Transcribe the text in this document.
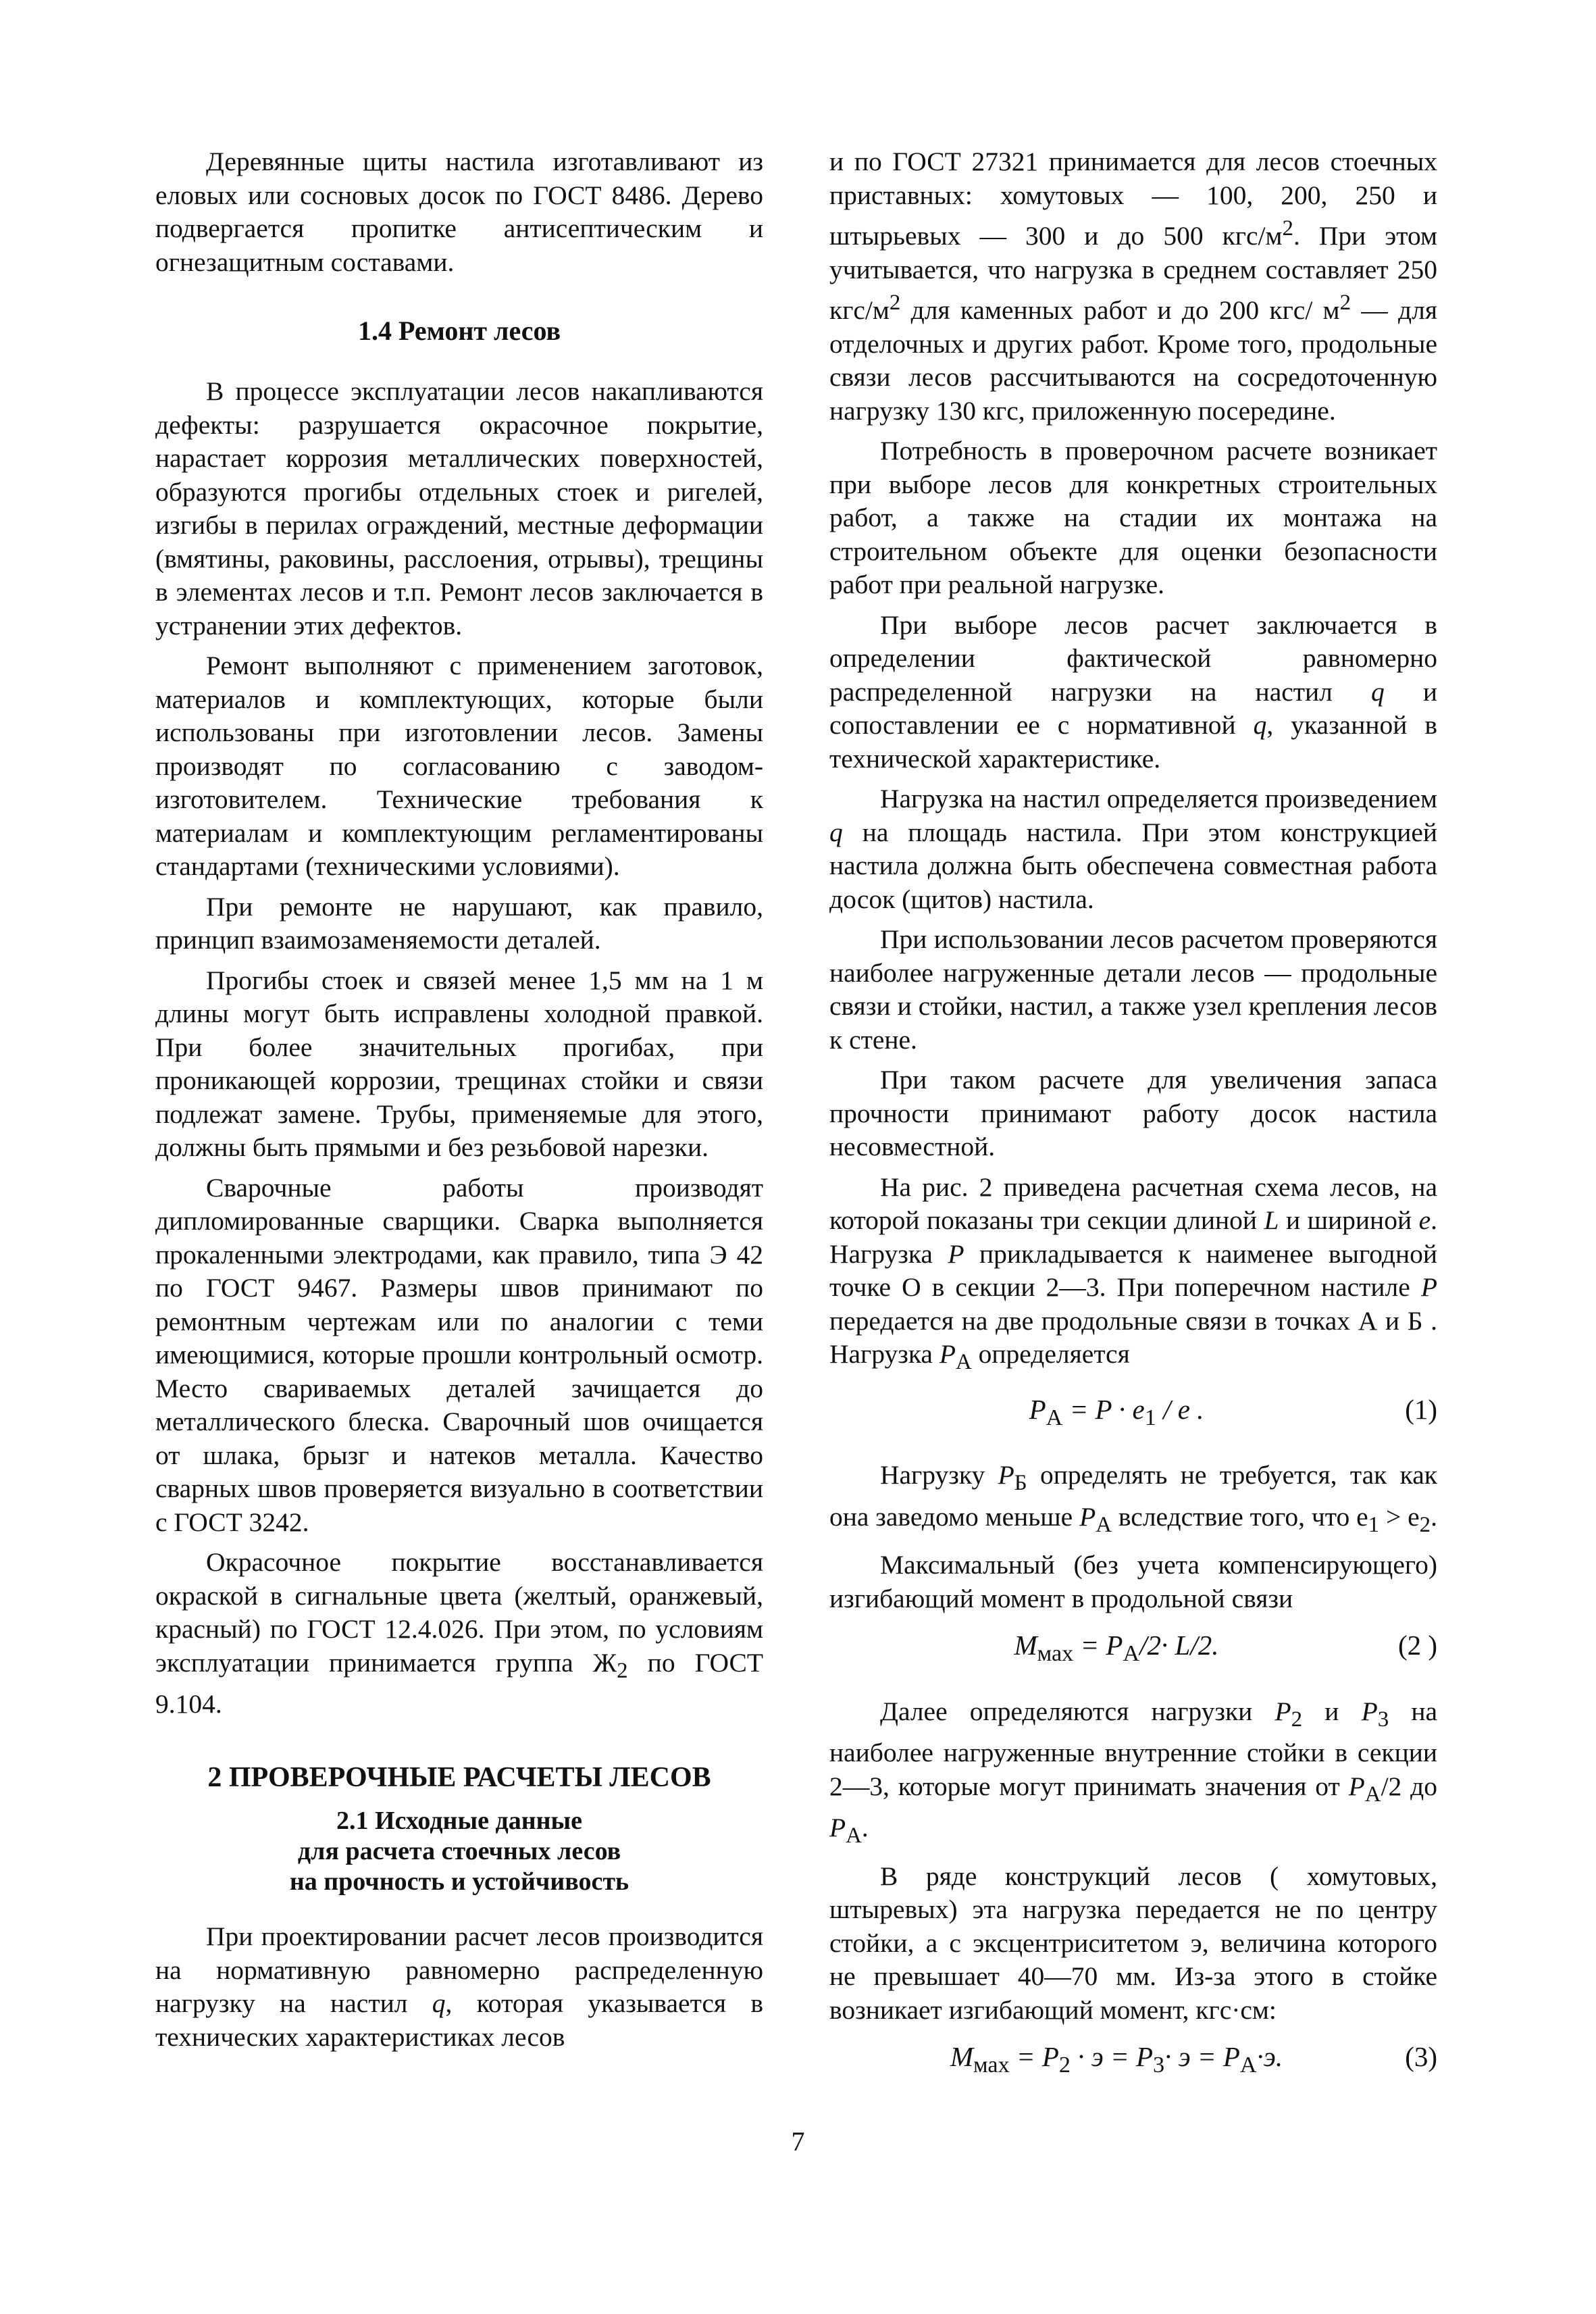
Деревянные щиты настила изготавливают из еловых или сосновых досок по ГОСТ 8486. Дерево подвергается пропитке антисептическим и огнезащитным составами.

1.4 Ремонт лесов

В процессе эксплуатации лесов накапливаются дефекты: разрушается окрасочное покрытие, нарастает коррозия металлических поверхностей, образуются прогибы отдельных стоек и ригелей, изгибы в перилах ограждений, местные деформации (вмятины, раковины, расслоения, отрывы), трещины в элементах лесов и т.п. Ремонт лесов заключается в устранении этих дефектов.

Ремонт выполняют с применением заготовок, материалов и комплектующих, которые были использованы при изготовлении лесов. Замены производят по согласованию с заводом-изготовителем. Технические требования к материалам и комплектующим регламентированы стандартами (техническими условиями).

При ремонте не нарушают, как правило, принцип взаимозаменяемости деталей.

Прогибы стоек и связей менее 1,5 мм на 1 м длины могут быть исправлены холодной правкой. При более значительных прогибах, при проникающей коррозии, трещинах стойки и связи подлежат замене. Трубы, применяемые для этого, должны быть прямыми и без резьбовой нарезки.

Сварочные работы производят дипломированные сварщики. Сварка выполняется прокаленными электродами, как правило, типа Э 42 по ГОСТ 9467. Размеры швов принимают по ремонтным чертежам или по аналогии с теми имеющимися, которые прошли контрольный осмотр. Место свариваемых деталей зачищается до металлического блеска. Сварочный шов очищается от шлака, брызг и натеков металла. Качество сварных швов проверяется визуально в соответствии с ГОСТ 3242.

Окрасочное покрытие восстанавливается окраской в сигнальные цвета (желтый, оранжевый, красный) по ГОСТ 12.4.026. При этом, по условиям эксплуатации принимается группа $Ж_2$ по ГОСТ 9.104.

2 ПРОВЕРОЧНЫЕ РАСЧЕТЫ ЛЕСОВ
2.1 Исходные данные
для расчета стоечных лесов
на прочность и устойчивость

При проектировании расчет лесов производится на нормативную равномерно распределенную нагрузку на настил q, которая указывается в технических характеристиках лесов

и по ГОСТ 27321 принимается для лесов стоечных приставных: хомутовых — 100, 200, 250 и штырьевых — 300 и до 500 кгс/$м^2$. При этом учитывается, что нагрузка в среднем составляет 250 кгс/$м^2$ для каменных работ и до 200 кгс/ $м^2$ — для отделочных и других работ. Кроме того, продольные связи лесов рассчитываются на сосредоточенную нагрузку 130 кгс, приложенную посередине.

Потребность в проверочном расчете возникает при выборе лесов для конкретных строительных работ, а также на стадии их монтажа на строительном объекте для оценки безопасности работ при реальной нагрузке.

При выборе лесов расчет заключается в определении фактической равномерно распределенной нагрузки на настил q и сопоставлении ее с нормативной q, указанной в технической характеристике.

Нагрузка на настил определяется произведением q на площадь настила. При этом конструкцией настила должна быть обеспечена совместная работа досок (щитов) настила.

При использовании лесов расчетом проверяются наиболее нагруженные детали лесов — продольные связи и стойки, настил, а также узел крепления лесов к стене.

При таком расчете для увеличения запаса прочности принимают работу досок настила несовместной.

На рис. 2 приведена расчетная схема лесов, на которой показаны три секции длиной L и шириной e. Нагрузка P прикладывается к наименее выгодной точке О в секции 2—3. При поперечном настиле P передается на две продольные связи в точках А и Б . Нагрузка $P_А$ определяется

$P_А = P \cdot e_1 / e$ .	(1)

Нагрузку $P_Б$ определять не требуется, так как она заведомо меньше $P_А$ вследствие того, что $e_1 > e_2$.

Максимальный (без учета компенсирующего) изгибающий момент в продольной связи

$M_{мах} = P_А/2\cdot L/2$.	(2 )

Далее определяются нагрузки $P_2$ и $P_3$ на наиболее нагруженные внутренние стойки в секции 2—3, которые могут принимать значения от $P_А/2$ до $P_А$.

В ряде конструкций лесов ( хомутовых, штыревых) эта нагрузка передается не по центру стойки, а с эксцентриситетом э, величина которого не превышает 40—70 мм. Из-за этого в стойке возникает изгибающий момент, кгс·см:

$M_{мах} = P_2 \cdot э = P_3\cdot э = P_А\cdot э$.	(3)
7
